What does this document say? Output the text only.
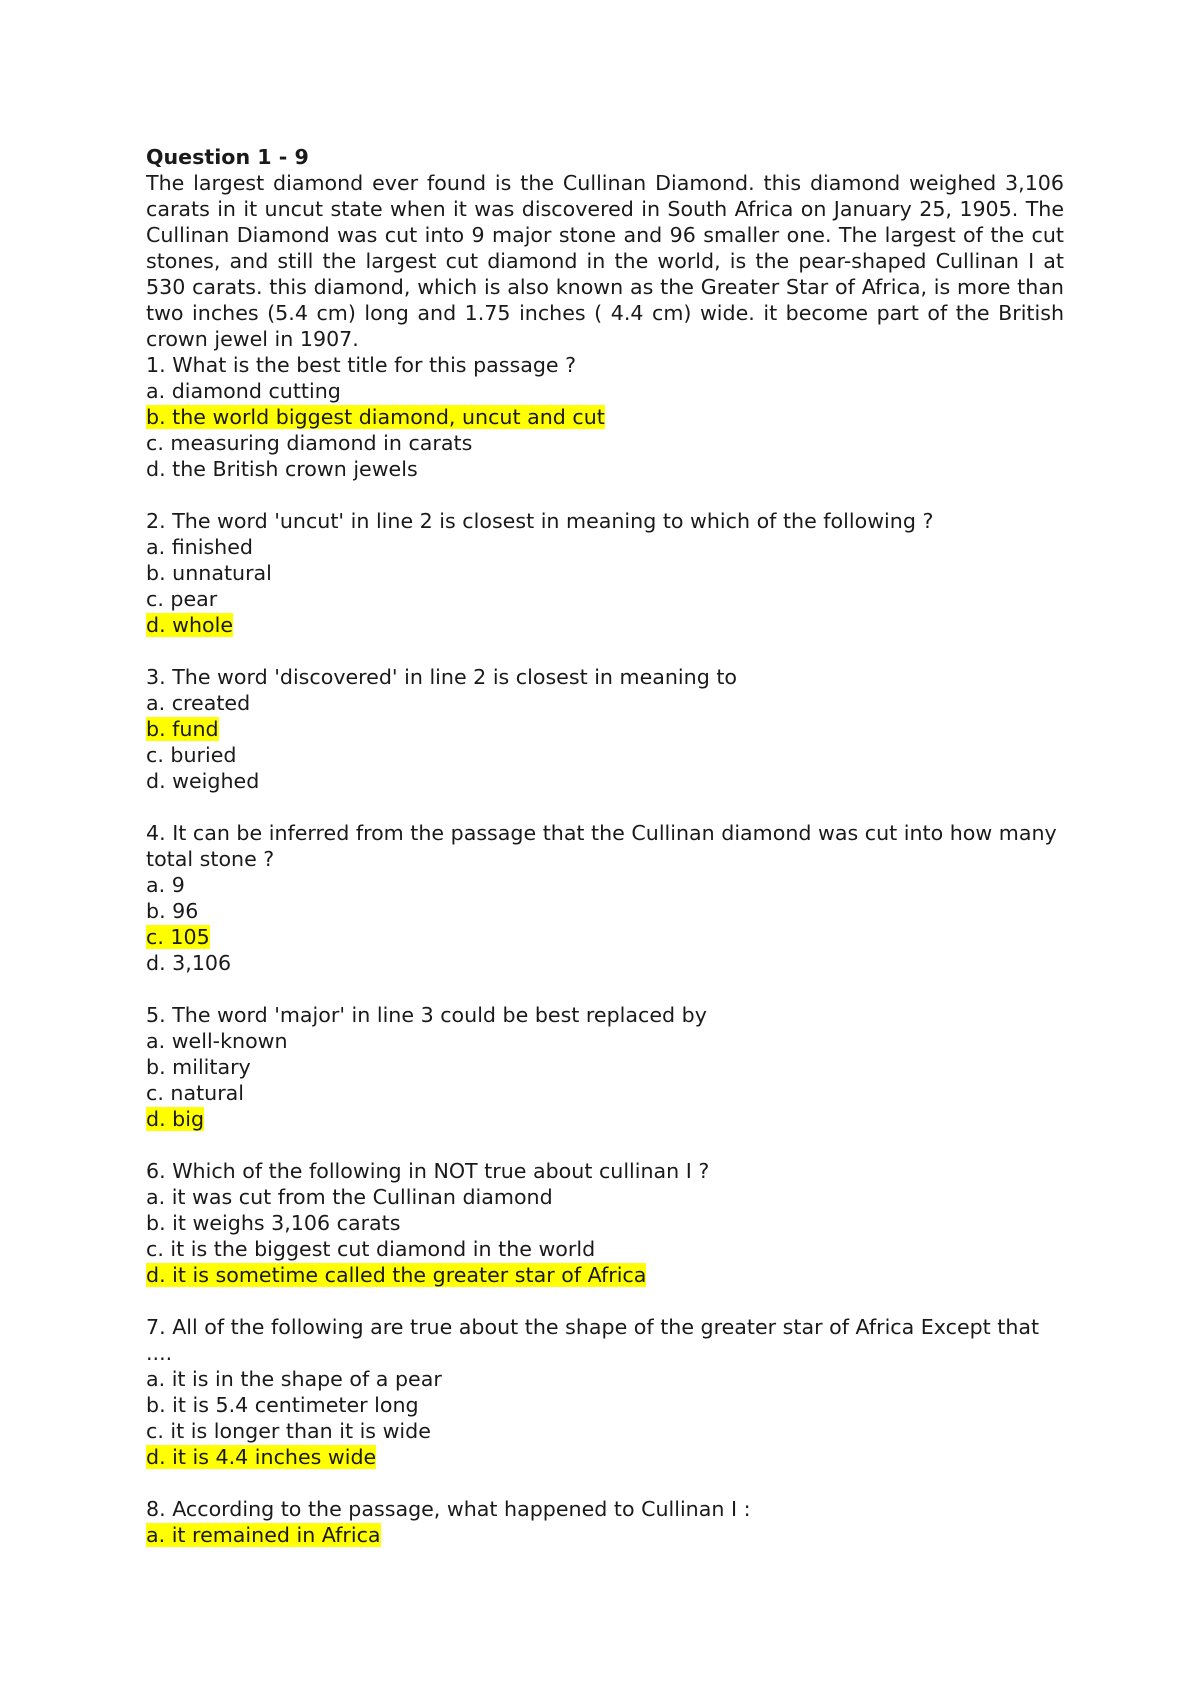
Question 1 - 9

The largest diamond ever found is the Cullinan Diamond. this diamond weighed 3,106 carats in it uncut state when it was discovered in South Africa on January 25, 1905. The Cullinan Diamond was cut into 9 major stone and 96 smaller one. The largest of the cut stones, and still the largest cut diamond in the world, is the pear-shaped Cullinan I at 530 carats. this diamond, which is also known as the Greater Star of Africa, is more than two inches (5.4 cm) long and 1.75 inches ( 4.4 cm) wide. it become part of the British crown jewel in 1907.

1. What is the best title for this passage ?

a. diamond cutting

b. the world biggest diamond, uncut and cut

c. measuring diamond in carats

d. the British crown jewels

2. The word 'uncut' in line 2 is closest in meaning to which of the following ?

a. finished

b. unnatural

c. pear

d. whole

3. The word 'discovered' in line 2 is closest in meaning to

a. created

b. fund

c. buried

d. weighed

4. It can be inferred from the passage that the Cullinan diamond was cut into how many total stone ?

a. 9

b. 96

c. 105

d. 3,106

5. The word 'major' in line 3 could be best replaced by

a. well-known

b. military

c. natural

d. big

6. Which of the following in NOT true about cullinan I ?

a. it was cut from the Cullinan diamond

b. it weighs 3,106 carats

c. it is the biggest cut diamond in the world

d. it is sometime called the greater star of Africa

7. All of the following are true about the shape of the greater star of Africa Except that ....

a. it is in the shape of a pear

b. it is 5.4 centimeter long

c. it is longer than it is wide

d. it is 4.4 inches wide

8. According to the passage, what happened to Cullinan I :

a. it remained in Africa
